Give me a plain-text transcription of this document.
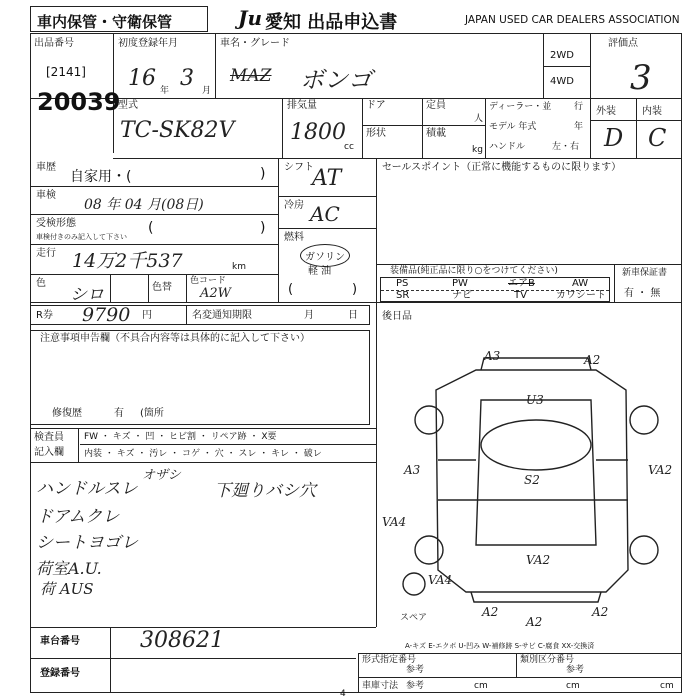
車内保管・守衛保管	Ju 愛知 出品申込書	JAPAN USED CAR DEALERS ASSOCIATION
出品番号
[2141]
20039
初度登録年月
16 年 3 月
車名・グレード
MAZ ボンゴ
2WD
4WD
評価点
3
型式
TC-SK82V
排気量
1800
cc
ドア
形状
定員
人
積載
kg
ディーラー・並	行
モデル 年式	年
ハンドル	左・右
外装	内装
D C
車歴
自家用・(	)
車検
08 年 04 月(08日)
受検形態
車検付きのみ記入して下さい
(	)
走行 14万2千537	km
色
シロ	色替
色コード
A2W
シフト
AT
冷房 AC
燃料
ガソリン
軽 油
(	)
セールスポイント（正常に機能するものに限ります）
装備品(純正品に限り○をつけてください)
PS	PW	エアB	AW
SR	ナビ	TV	カワシート
新車保証書
有 ・ 無
R券 9790 円	名変通知期限	月	日 後日品
注意事項申告欄（不具合内容等は具体的に記入して下さい）
修復歴	有 (箇所
検査員
記入欄
FW ・ キズ ・ 凹 ・ ヒビ割 ・ リペア跡 ・ X要
内装 ・ キズ ・ 汚レ ・ コゲ ・ 穴 ・ スレ ・ キレ ・ 破レ
ハンドルスレ
オザシ
下廻りバシ穴
ドアムクレ
シートヨゴレ
荷室A.U.
荷 AUS
A3	A2
U3
A3
S2
VA2
VA4
VA2
VA4
A2
A2
A2
スペア
A-キズ E-エクボ U-凹み W-補修跡 S-サビ C-腐食 XX-交換済
車台番号	308621
登録番号
形式指定番号
参考
類別区分番号
参考
車庫寸法 参考	cm	cm	cm
4
